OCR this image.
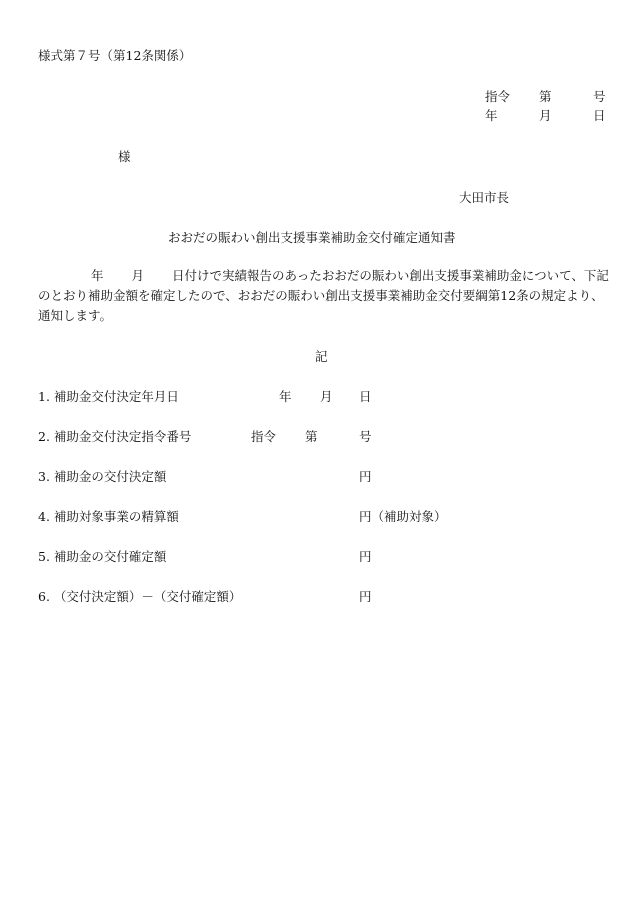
様式第７号（第12条関係）
指令 第	号
年	月	日
様
大田市長
おおだの賑わい創出支援事業補助金交付確定通知書
年 月 日付けで実績報告のあったおおだの賑わい創出支援事業補助金について、下記のとおり補助金額を確定したので、おおだの賑わい創出支援事業補助金交付要綱第12条の規定より、通知します。
記
1. 補助金交付決定年月日	年 月 日
2. 補助金交付決定指令番号	指令 第	号
3. 補助金の交付決定額	円
4. 補助対象事業の精算額	円（補助対象）
5. 補助金の交付確定額	円
6. （交付決定額）－（交付確定額）	円
